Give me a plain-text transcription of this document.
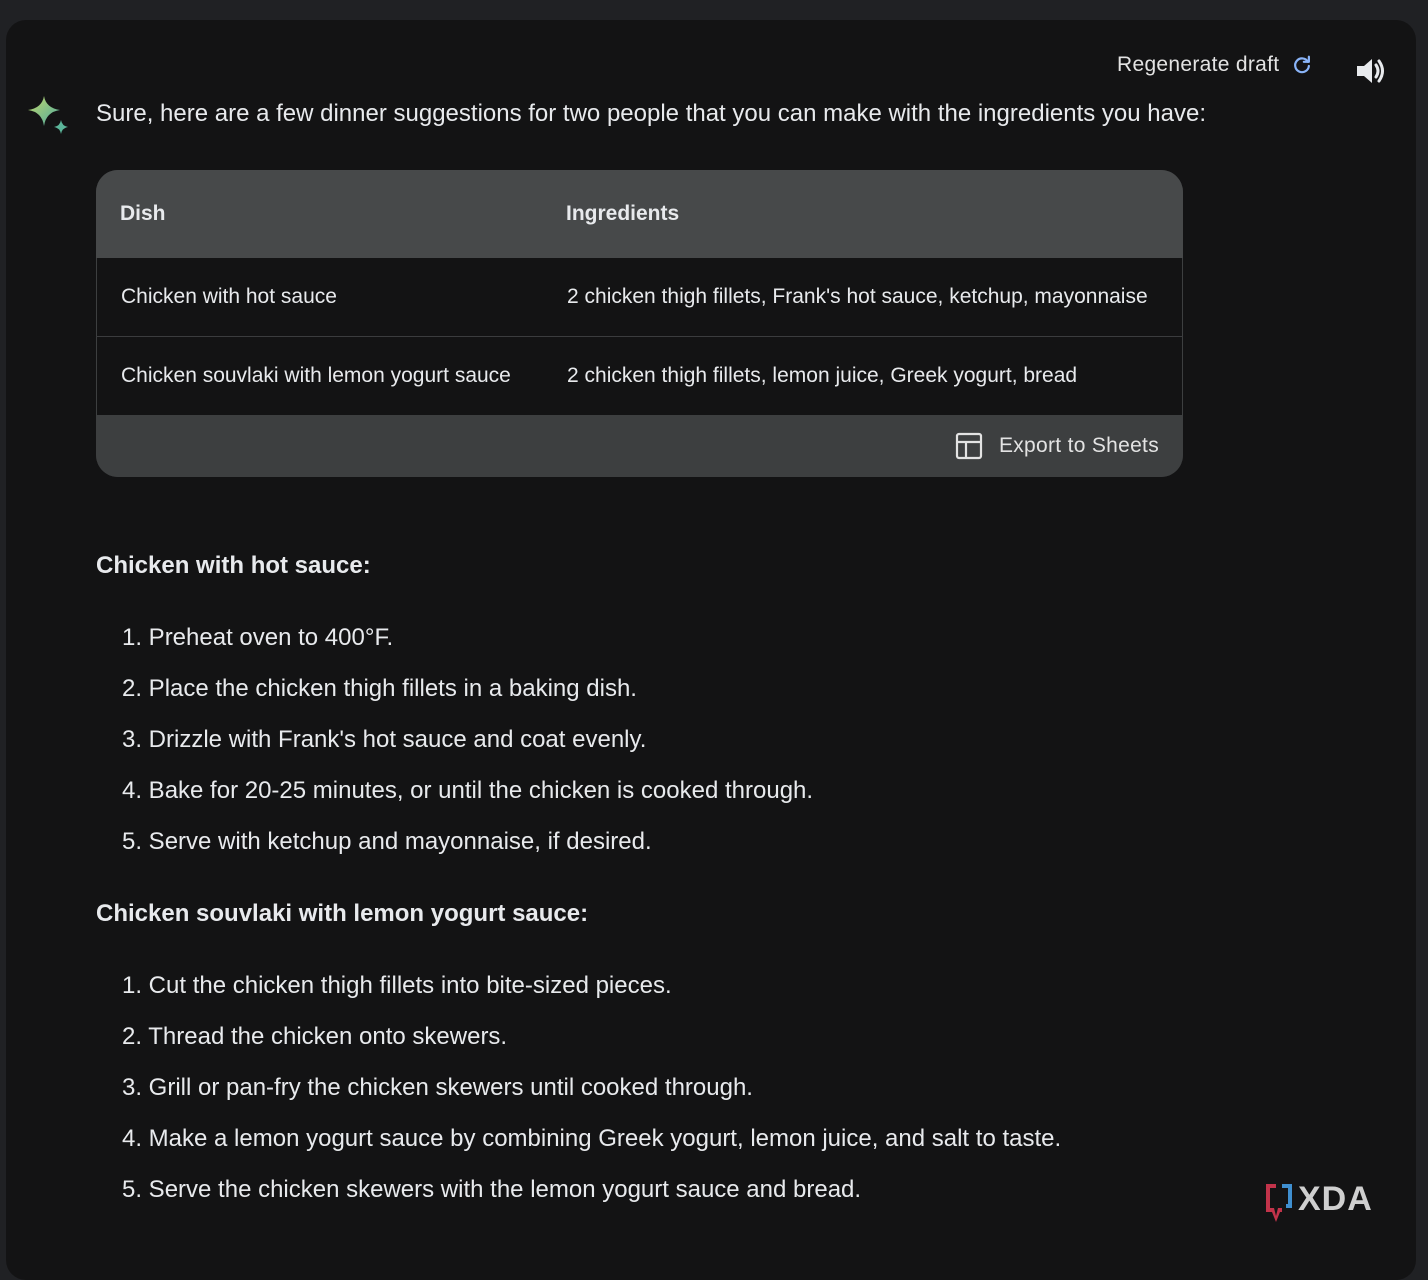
Regenerate draft
Sure, here are a few dinner suggestions for two people that you can make with the ingredients you have:
Dish	Ingredients
Chicken with hot sauce	2 chicken thigh fillets, Frank's hot sauce, ketchup, mayonnaise
Chicken souvlaki with lemon yogurt sauce	2 chicken thigh fillets, lemon juice, Greek yogurt, bread
Export to Sheets
Chicken with hot sauce:
1. Preheat oven to 400°F.
2. Place the chicken thigh fillets in a baking dish.
3. Drizzle with Frank's hot sauce and coat evenly.
4. Bake for 20-25 minutes, or until the chicken is cooked through.
5. Serve with ketchup and mayonnaise, if desired.
Chicken souvlaki with lemon yogurt sauce:
1. Cut the chicken thigh fillets into bite-sized pieces.
2. Thread the chicken onto skewers.
3. Grill or pan-fry the chicken skewers until cooked through.
4. Make a lemon yogurt sauce by combining Greek yogurt, lemon juice, and salt to taste.
5. Serve the chicken skewers with the lemon yogurt sauce and bread.	XDA
